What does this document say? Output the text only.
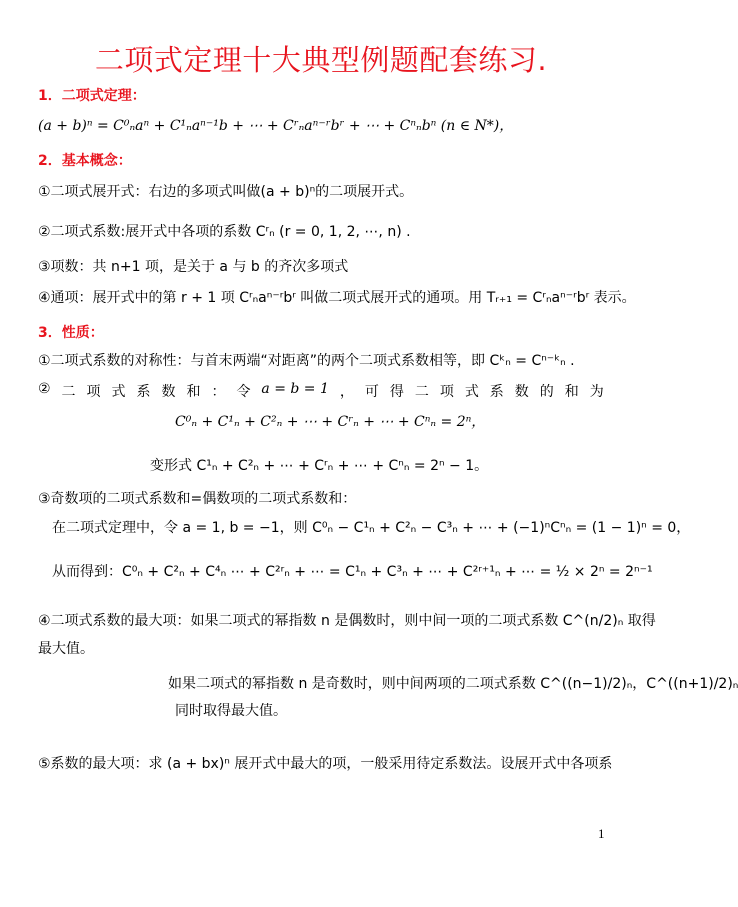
二项式定理十大典型例题配套练习.
1．二项式定理：
(a + b)ⁿ = C⁰ₙaⁿ + C¹ₙaⁿ⁻¹b + ⋯ + Cʳₙaⁿ⁻ʳbʳ + ⋯ + Cⁿₙbⁿ (n ∈ N*)，
2．基本概念：
①二项式展开式：右边的多项式叫做(a + b)ⁿ的二项展开式。
②二项式系数:展开式中各项的系数 Cʳₙ (r = 0, 1, 2, ⋯, n) .
③项数：共 n+1 项，是关于 a 与 b 的齐次多项式
④通项：展开式中的第 r + 1 项 Cʳₙaⁿ⁻ʳbʳ 叫做二项式展开式的通项。用 Tᵣ₊₁ = Cʳₙaⁿ⁻ʳbʳ 表示。
3．性质：
①二项式系数的对称性：与首末两端“对距离”的两个二项式系数相等，即 Cᵏₙ = Cⁿ⁻ᵏₙ .
② 二 项 式 系 数 和 ： 令 a = b = 1 ， 可 得 二 项 式 系 数 的 和 为
C⁰ₙ + C¹ₙ + C²ₙ + ⋯ + Cʳₙ + ⋯ + Cⁿₙ = 2ⁿ，
变形式 C¹ₙ + C²ₙ + ⋯ + Cʳₙ + ⋯ + Cⁿₙ = 2ⁿ − 1。
③奇数项的二项式系数和=偶数项的二项式系数和：
在二项式定理中，令 a = 1, b = −1，则 C⁰ₙ − C¹ₙ + C²ₙ − C³ₙ + ⋯ + (−1)ⁿCⁿₙ = (1 − 1)ⁿ = 0，
从而得到：C⁰ₙ + C²ₙ + C⁴ₙ ⋯ + C²ʳₙ + ⋯ = C¹ₙ + C³ₙ + ⋯ + C²ʳ⁺¹ₙ + ⋯ = ½ × 2ⁿ = 2ⁿ⁻¹
④二项式系数的最大项：如果二项式的幂指数 n 是偶数时，则中间一项的二项式系数 C^(n/2)ₙ 取得
最大值。
如果二项式的幂指数 n 是奇数时，则中间两项的二项式系数 C^((n−1)/2)ₙ，C^((n+1)/2)ₙ
同时取得最大值。
⑤系数的最大项：求 (a + bx)ⁿ 展开式中最大的项，一般采用待定系数法。设展开式中各项系
1
